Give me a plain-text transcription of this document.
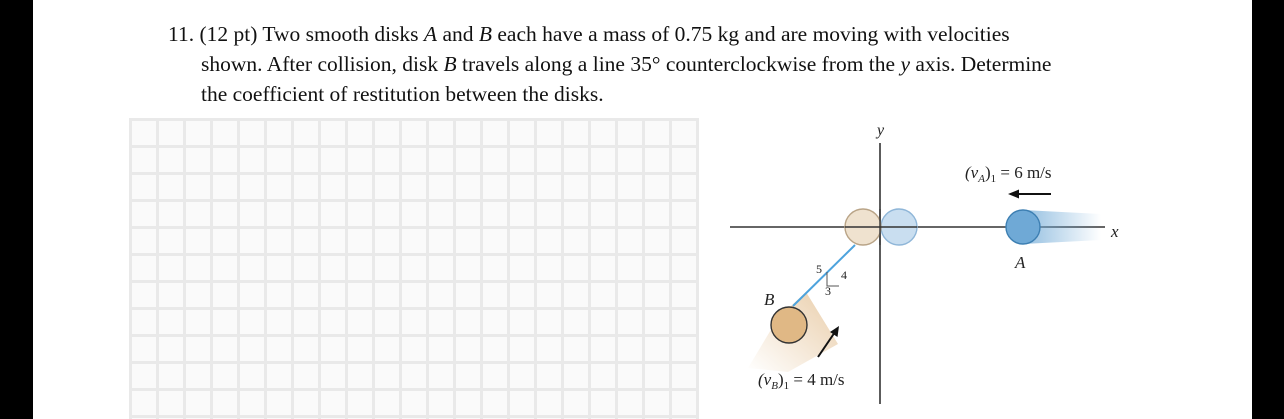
11. (12 pt) Two smooth disks A and B each have a mass of 0.75 kg and are moving with velocities
shown. After collision, disk B travels along a line 35° counterclockwise from the y axis. Determine
the coefficient of restitution between the disks.
y
x
5 4
3
A
$(v_A)_1 = 6$ m/s
B
$(v_B)_1 = 4$ m/s
